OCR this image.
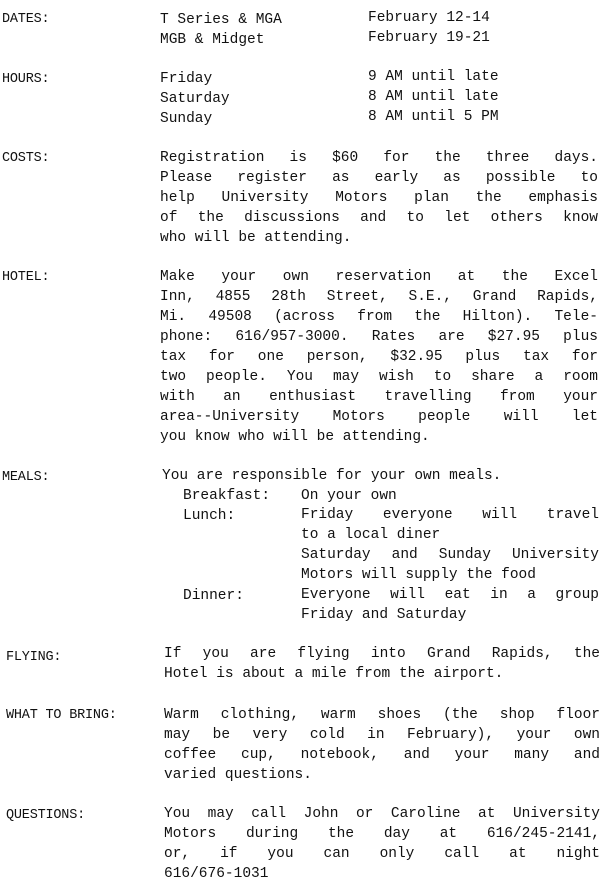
DATES:	T Series & MGA	February 12-14
MGB & Midget	February 19-21
HOURS:	Friday	9 AM until late
Saturday	8 AM until late
Sunday	8 AM until 5 PM
COSTS:	Registration is $60 for the three days.
Please register as early as possible to
help University Motors plan the emphasis
of the discussions and to let others know
who will be attending.
HOTEL:	Make your own reservation at the Excel
Inn, 4855 28th Street, S.E., Grand Rapids,
Mi. 49508 (across from the Hilton). Tele-
phone: 616/957-3000. Rates are $27.95 plus
tax for one person, $32.95 plus tax for
two people. You may wish to share a room
with an enthusiast travelling from your
area--University Motors people will let
you know who will be attending.
MEALS:	You are responsible for your own meals.
Breakfast: On your own
Lunch:	Friday everyone will travel
to a local diner
Saturday and Sunday University
Motors will supply the food
Dinner:	Everyone will eat in a group
Friday and Saturday
FLYING:	If you are flying into Grand Rapids, the
Hotel is about a mile from the airport.
WHAT TO BRING:	Warm clothing, warm shoes (the shop floor
may be very cold in February), your own
coffee cup, notebook, and your many and
varied questions.
QUESTIONS:	You may call John or Caroline at University
Motors during the day at 616/245-2141,
or, if you can only call at night
616/676-1031
